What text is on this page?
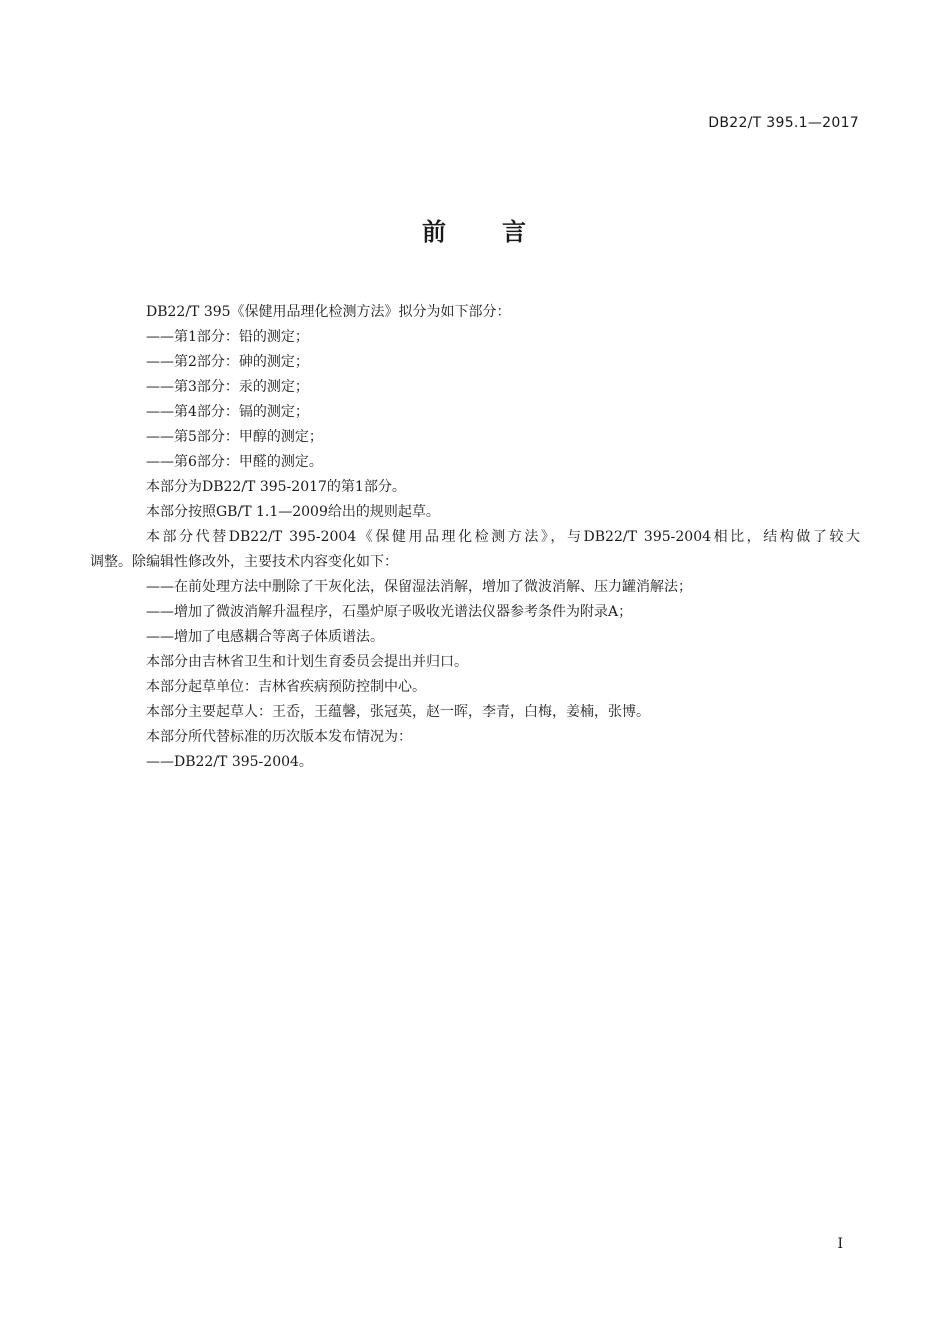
DB22/T 395.1—2017
前 言

DB22/T 395《保健用品理化检测方法》拟分为如下部分：

——第1部分：铅的测定；

——第2部分：砷的测定；

——第3部分：汞的测定；

——第4部分：镉的测定；

——第5部分：甲醇的测定；

——第6部分：甲醛的测定。

本部分为DB22/T 395-2017的第1部分。

本部分按照GB/T 1.1—2009给出的规则起草。

本部分代替DB22/T 395-2004《保健用品理化检测方法》，与DB22/T 395-2004相比，结构做了较大
调整。除编辑性修改外，主要技术内容变化如下：

——在前处理方法中删除了干灰化法，保留湿法消解，增加了微波消解、压力罐消解法；

——增加了微波消解升温程序，石墨炉原子吸收光谱法仪器参考条件为附录A；

——增加了电感耦合等离子体质谱法。

本部分由吉林省卫生和计划生育委员会提出并归口。

本部分起草单位：吉林省疾病预防控制中心。

本部分主要起草人：王岙，王蕴馨，张冠英，赵一晖，李青，白梅，姜楠，张博。

本部分所代替标准的历次版本发布情况为：

——DB22/T 395-2004。

I
